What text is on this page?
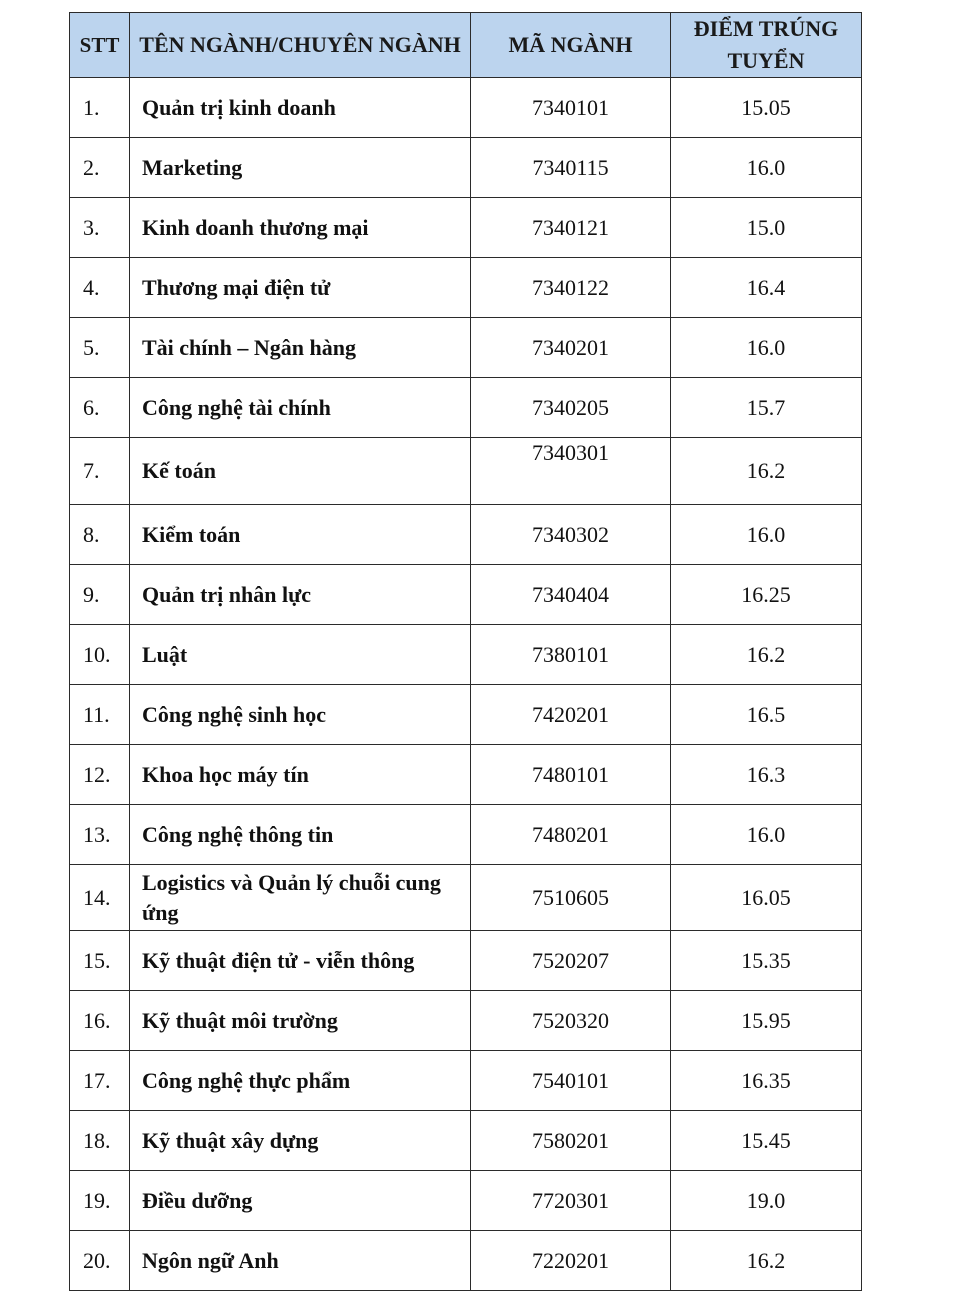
STT	TÊN NGÀNH/CHUYÊN NGÀNH	MÃ NGÀNH	ĐIỂM TRÚNG TUYỂN
1.	Quản trị kinh doanh	7340101	15.05
2.	Marketing	7340115	16.0
3.	Kinh doanh thương mại	7340121	15.0
4.	Thương mại điện tử	7340122	16.4
5.	Tài chính – Ngân hàng	7340201	16.0
6.	Công nghệ tài chính	7340205	15.7
7.	Kế toán	7340301	16.2
8.	Kiểm toán	7340302	16.0
9.	Quản trị nhân lực	7340404	16.25
10.	Luật	7380101	16.2
11.	Công nghệ sinh học	7420201	16.5
12.	Khoa học máy tín	7480101	16.3
13.	Công nghệ thông tin	7480201	16.0
14.	Logistics và Quản lý chuỗi cung ứng	7510605	16.05
15.	Kỹ thuật điện tử - viễn thông	7520207	15.35
16.	Kỹ thuật môi trường	7520320	15.95
17.	Công nghệ thực phẩm	7540101	16.35
18.	Kỹ thuật xây dựng	7580201	15.45
19.	Điều dưỡng	7720301	19.0
20.	Ngôn ngữ Anh	7220201	16.2
